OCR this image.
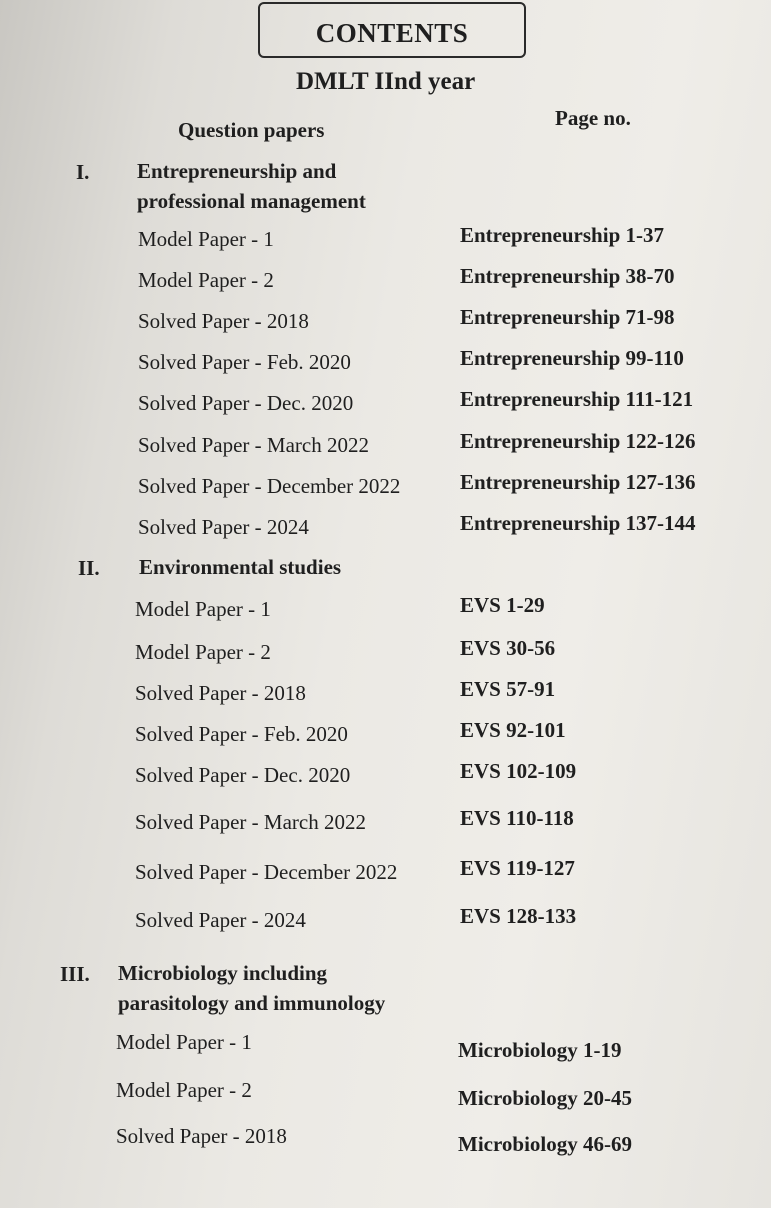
CONTENTS
DMLT IInd year
Question papers	Page no.
I. Entrepreneurship and
professional management
Model Paper - 1	Entrepreneurship 1-37
Model Paper - 2	Entrepreneurship 38-70
Solved Paper - 2018	Entrepreneurship 71-98
Solved Paper - Feb. 2020	Entrepreneurship 99-110
Solved Paper - Dec. 2020	Entrepreneurship 111-121
Solved Paper - March 2022	Entrepreneurship 122-126
Solved Paper - December 2022	Entrepreneurship 127-136
Solved Paper - 2024	Entrepreneurship 137-144
II. Environmental studies
Model Paper - 1	EVS 1-29
Model Paper - 2	EVS 30-56
Solved Paper - 2018	EVS 57-91
Solved Paper - Feb. 2020	EVS 92-101
Solved Paper - Dec. 2020	EVS 102-109
Solved Paper - March 2022	EVS 110-118
Solved Paper - December 2022	EVS 119-127
Solved Paper - 2024	EVS 128-133
III. Microbiology including
parasitology and immunology
Model Paper - 1	Microbiology 1-19
Model Paper - 2	Microbiology 20-45
Solved Paper - 2018	Microbiology 46-69
